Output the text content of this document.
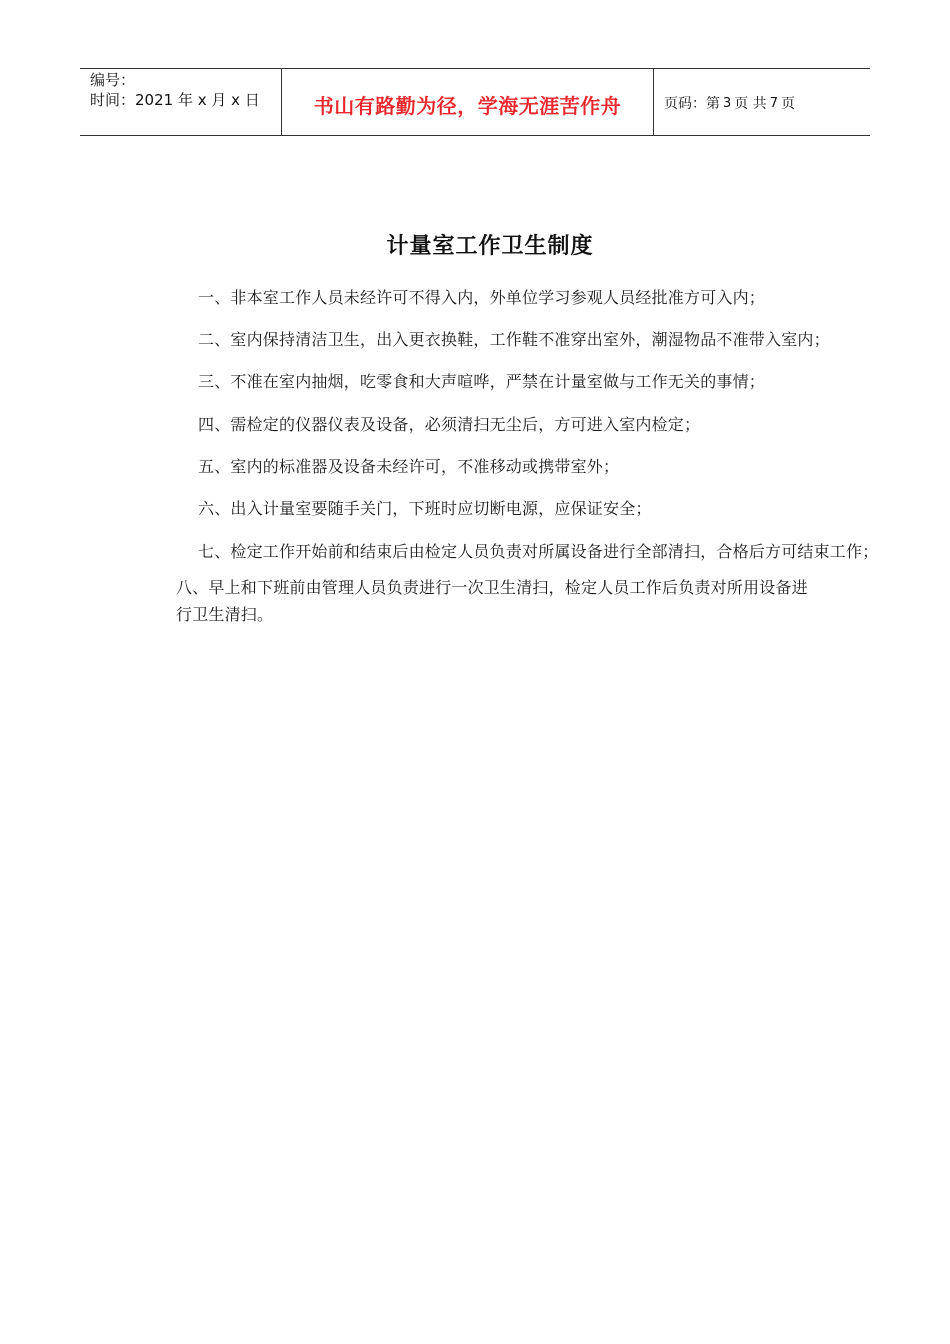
编号：
时间：2021 年 x 月 x 日	书山有路勤为径，学海无涯苦作舟	页码：第 3 页 共 7 页
计量室工作卫生制度
一、非本室工作人员未经许可不得入内，外单位学习参观人员经批准方可入内；
二、室内保持清洁卫生，出入更衣换鞋，工作鞋不准穿出室外，潮湿物品不准带入室内；
三、不准在室内抽烟，吃零食和大声喧哗，严禁在计量室做与工作无关的事情；
四、需检定的仪器仪表及设备，必须清扫无尘后，方可进入室内检定；
五、室内的标准器及设备未经许可，不准移动或携带室外；
六、出入计量室要随手关门，下班时应切断电源，应保证安全；
七、检定工作开始前和结束后由检定人员负责对所属设备进行全部清扫，合格后方可结束工作；
八、早上和下班前由管理人员负责进行一次卫生清扫，检定人员工作后负责对所用设备进行卫生清扫。
